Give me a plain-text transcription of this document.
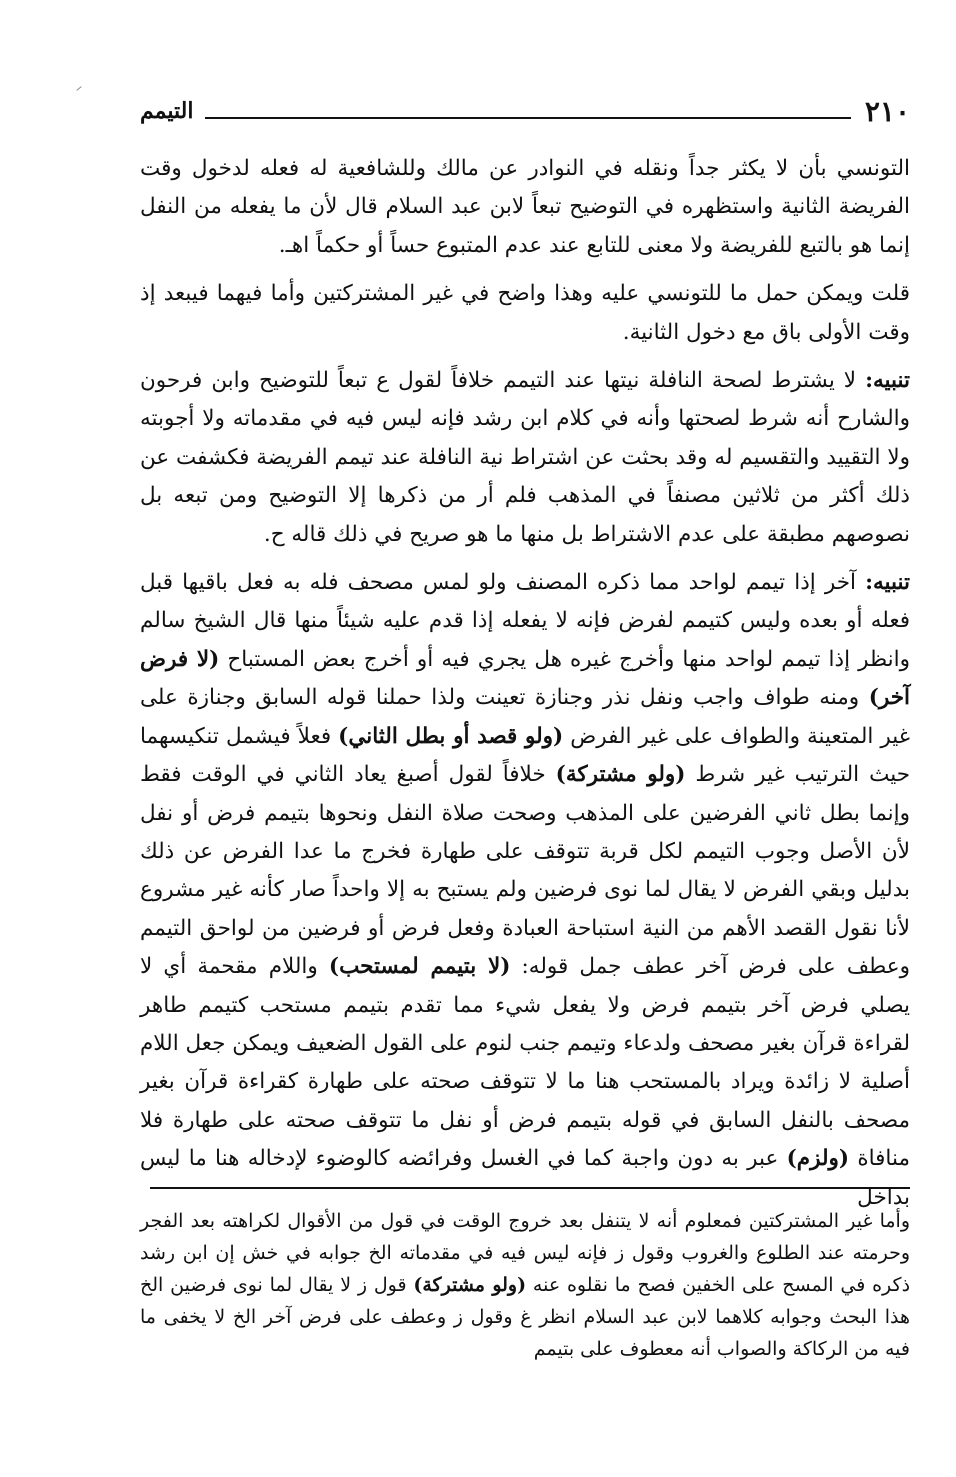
التيمم	٢١٠

التونسي بأن لا يكثر جداً ونقله في النوادر عن مالك وللشافعية له فعله لدخول وقت الفريضة الثانية واستظهره في التوضيح تبعاً لابن عبد السلام قال لأن ما يفعله من النفل إنما هو بالتبع للفريضة ولا معنى للتابع عند عدم المتبوع حساً أو حكماً اهـ.

قلت ويمكن حمل ما للتونسي عليه وهذا واضح في غير المشتركتين وأما فيهما فيبعد إذ وقت الأولى باق مع دخول الثانية.

تنبيه: لا يشترط لصحة النافلة نيتها عند التيمم خلافاً لقول ع تبعاً للتوضيح وابن فرحون والشارح أنه شرط لصحتها وأنه في كلام ابن رشد فإنه ليس فيه في مقدماته ولا أجوبته ولا التقييد والتقسيم له وقد بحثت عن اشتراط نية النافلة عند تيمم الفريضة فكشفت عن ذلك أكثر من ثلاثين مصنفاً في المذهب فلم أر من ذكرها إلا التوضيح ومن تبعه بل نصوصهم مطبقة على عدم الاشتراط بل منها ما هو صريح في ذلك قاله ح.

تنبيه: آخر إذا تيمم لواحد مما ذكره المصنف ولو لمس مصحف فله به فعل باقيها قبل فعله أو بعده وليس كتيمم لفرض فإنه لا يفعله إذا قدم عليه شيئاً منها قال الشيخ سالم وانظر إذا تيمم لواحد منها وأخرج غيره هل يجري فيه أو أخرج بعض المستباح (لا فرض آخر) ومنه طواف واجب ونفل نذر وجنازة تعينت ولذا حملنا قوله السابق وجنازة على غير المتعينة والطواف على غير الفرض (ولو قصد أو بطل الثاني) فعلاً فيشمل تنكيسهما حيث الترتيب غير شرط (ولو مشتركة) خلافاً لقول أصبغ يعاد الثاني في الوقت فقط وإنما بطل ثاني الفرضين على المذهب وصحت صلاة النفل ونحوها بتيمم فرض أو نفل لأن الأصل وجوب التيمم لكل قربة تتوقف على طهارة فخرج ما عدا الفرض عن ذلك بدليل وبقي الفرض لا يقال لما نوى فرضين ولم يستبح به إلا واحداً صار كأنه غير مشروع لأنا نقول القصد الأهم من النية استباحة العبادة وفعل فرض أو فرضين من لواحق التيمم وعطف على فرض آخر عطف جمل قوله: (لا بتيمم لمستحب) واللام مقحمة أي لا يصلي فرض آخر بتيمم فرض ولا يفعل شيء مما تقدم بتيمم مستحب كتيمم طاهر لقراءة قرآن بغير مصحف ولدعاء وتيمم جنب لنوم على القول الضعيف ويمكن جعل اللام أصلية لا زائدة ويراد بالمستحب هنا ما لا تتوقف صحته على طهارة كقراءة قرآن بغير مصحف بالنفل السابق في قوله بتيمم فرض أو نفل ما تتوقف صحته على طهارة فلا منافاة (ولزم) عبر به دون واجبة كما في الغسل وفرائضه كالوضوء لإدخاله هنا ما ليس بداخل

وأما غير المشتركتين فمعلوم أنه لا يتنفل بعد خروج الوقت في قول من الأقوال لكراهته بعد الفجر وحرمته عند الطلوع والغروب وقول ز فإنه ليس فيه في مقدماته الخ جوابه في خش إن ابن رشد ذكره في المسح على الخفين فصح ما نقلوه عنه (ولو مشتركة) قول ز لا يقال لما نوى فرضين الخ هذا البحث وجوابه كلاهما لابن عبد السلام انظر غ وقول ز وعطف على فرض آخر الخ لا يخفى ما فيه من الركاكة والصواب أنه معطوف على بتيمم
